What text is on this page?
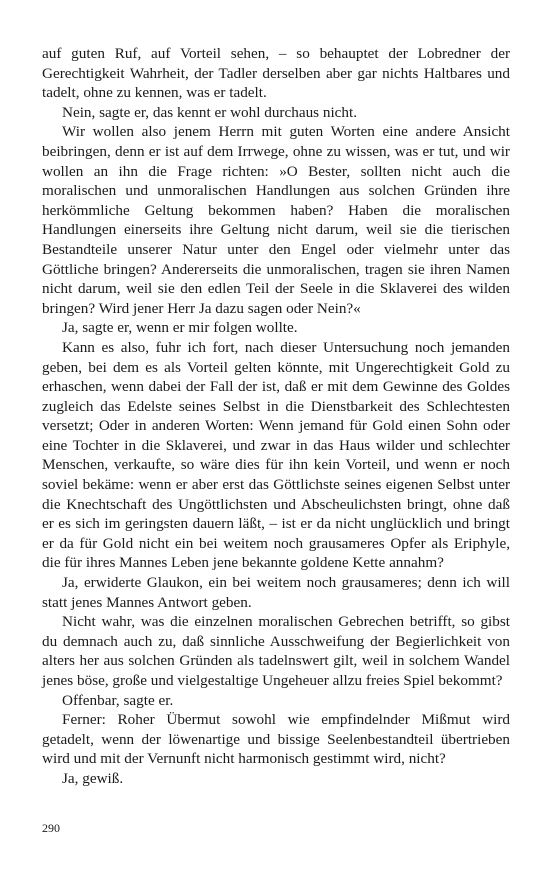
auf guten Ruf, auf Vorteil sehen, – so behauptet der Lobredner der Gerechtigkeit Wahrheit, der Tadler derselben aber gar nichts Haltbares und tadelt, ohne zu kennen, was er tadelt.

Nein, sagte er, das kennt er wohl durchaus nicht.

Wir wollen also jenem Herrn mit guten Worten eine andere Ansicht beibringen, denn er ist auf dem Irrwege, ohne zu wissen, was er tut, und wir wollen an ihn die Frage richten: »O Bester, sollten nicht auch die moralischen und unmoralischen Handlungen aus solchen Gründen ihre herkömmliche Geltung bekommen haben? Haben die moralischen Handlungen einerseits ihre Geltung nicht darum, weil sie die tierischen Bestandteile unserer Natur unter den Engel oder vielmehr unter das Göttliche bringen? Andererseits die unmoralischen, tragen sie ihren Namen nicht darum, weil sie den edlen Teil der Seele in die Sklaverei des wilden bringen? Wird jener Herr Ja dazu sagen oder Nein?«

Ja, sagte er, wenn er mir folgen wollte.

Kann es also, fuhr ich fort, nach dieser Untersuchung noch jemanden geben, bei dem es als Vorteil gelten könnte, mit Ungerechtigkeit Gold zu erhaschen, wenn dabei der Fall der ist, daß er mit dem Gewinne des Goldes zugleich das Edelste seines Selbst in die Dienstbarkeit des Schlechtesten versetzt; Oder in anderen Worten: Wenn jemand für Gold einen Sohn oder eine Tochter in die Sklaverei, und zwar in das Haus wilder und schlechter Menschen, verkaufte, so wäre dies für ihn kein Vorteil, und wenn er noch soviel bekäme: wenn er aber erst das Göttlichste seines eigenen Selbst unter die Knechtschaft des Ungöttlichsten und Abscheulichsten bringt, ohne daß er es sich im geringsten dauern läßt, – ist er da nicht unglücklich und bringt er da für Gold nicht ein bei weitem noch grausameres Opfer als Eriphyle, die für ihres Mannes Leben jene bekannte goldene Kette annahm?

Ja, erwiderte Glaukon, ein bei weitem noch grausameres; denn ich will statt jenes Mannes Antwort geben.

Nicht wahr, was die einzelnen moralischen Gebrechen betrifft, so gibst du demnach auch zu, daß sinnliche Ausschweifung der Begierlichkeit von alters her aus solchen Gründen als tadelnswert gilt, weil in solchem Wandel jenes böse, große und vielgestaltige Ungeheuer allzu freies Spiel bekommt?

Offenbar, sagte er.

Ferner: Roher Übermut sowohl wie empfindelnder Mißmut wird getadelt, wenn der löwenartige und bissige Seelenbestandteil übertrieben wird und mit der Vernunft nicht harmonisch gestimmt wird, nicht?

Ja, gewiß.

290
